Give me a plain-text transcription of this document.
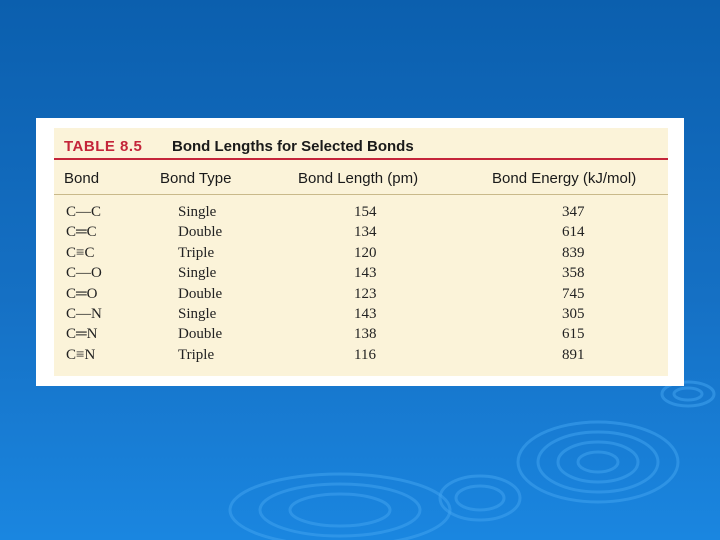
TABLE 8.5 Bond Lengths for Selected Bonds
Bond	Bond Type	Bond Length (pm)	Bond Energy (kJ/mol)
C—C	Single	154	347
C═C	Double	134	614
C≡C	Triple	120	839
C—O	Single	143	358
C═O	Double	123	745
C—N	Single	143	305
C═N	Double	138	615
C≡N	Triple	116	891
